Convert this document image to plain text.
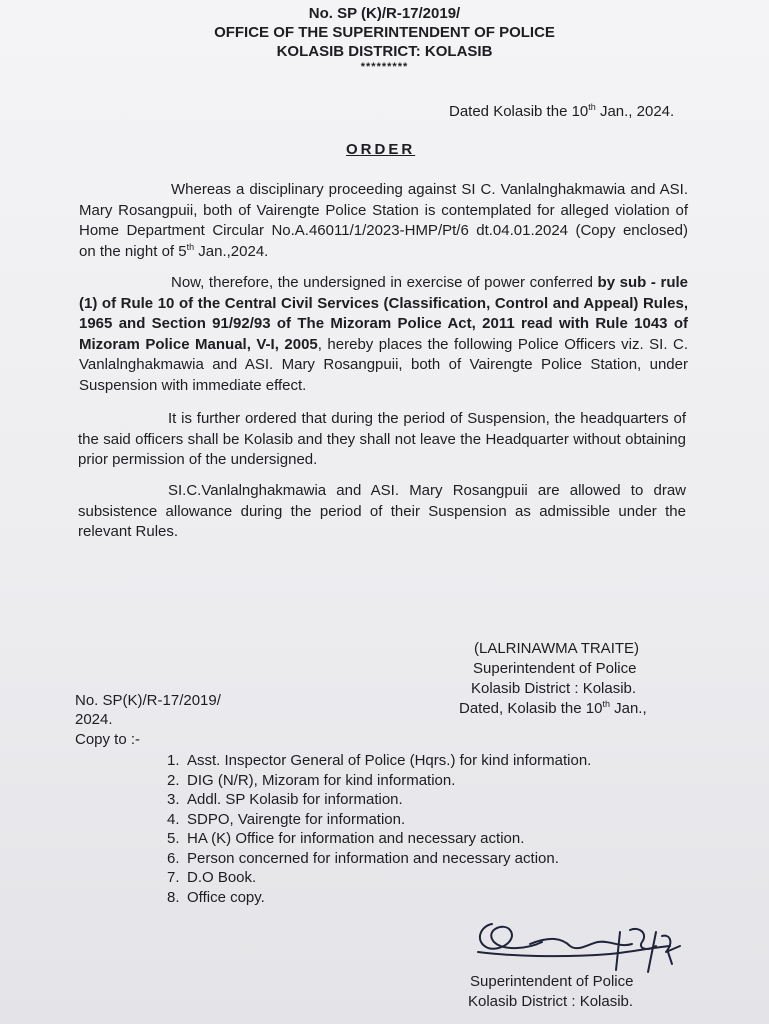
No. SP (K)/R-17/2019/
OFFICE OF THE SUPERINTENDENT OF POLICE
KOLASIB DISTRICT: KOLASIB
*********
Dated Kolasib the 10th Jan., 2024.
ORDER
Whereas a disciplinary proceeding against SI C. Vanlalnghakmawia and ASI. Mary Rosangpuii, both of Vairengte Police Station is contemplated for alleged violation of Home Department Circular No.A.46011/1/2023-HMP/Pt/6 dt.04.01.2024 (Copy enclosed) on the night of 5th Jan.,2024.
Now, therefore, the undersigned in exercise of power conferred by sub - rule (1) of Rule 10 of the Central Civil Services (Classification, Control and Appeal) Rules, 1965 and Section 91/92/93 of The Mizoram Police Act, 2011 read with Rule 1043 of Mizoram Police Manual, V-I, 2005, hereby places the following Police Officers viz. SI. C. Vanlalnghakmawia and ASI. Mary Rosangpuii, both of Vairengte Police Station, under Suspension with immediate effect.
It is further ordered that during the period of Suspension, the headquarters of the said officers shall be Kolasib and they shall not leave the Headquarter without obtaining prior permission of the undersigned.
SI.C.Vanlalnghakmawia and ASI. Mary Rosangpuii are allowed to draw subsistence allowance during the period of their Suspension as admissible under the relevant Rules.
(LALRINAWMA TRAITE)
Superintendent of Police
Kolasib District : Kolasib.
Dated, Kolasib the 10th Jan.,
No. SP(K)/R-17/2019/
2024.
Copy to :-
1. Asst. Inspector General of Police (Hqrs.) for kind information.
2. DIG (N/R), Mizoram for kind information.
3. Addl. SP Kolasib for information.
4. SDPO, Vairengte for information.
5. HA (K) Office for information and necessary action.
6. Person concerned for information and necessary action.
7. D.O Book.
8. Office copy.
Superintendent of Police
Kolasib District : Kolasib.
